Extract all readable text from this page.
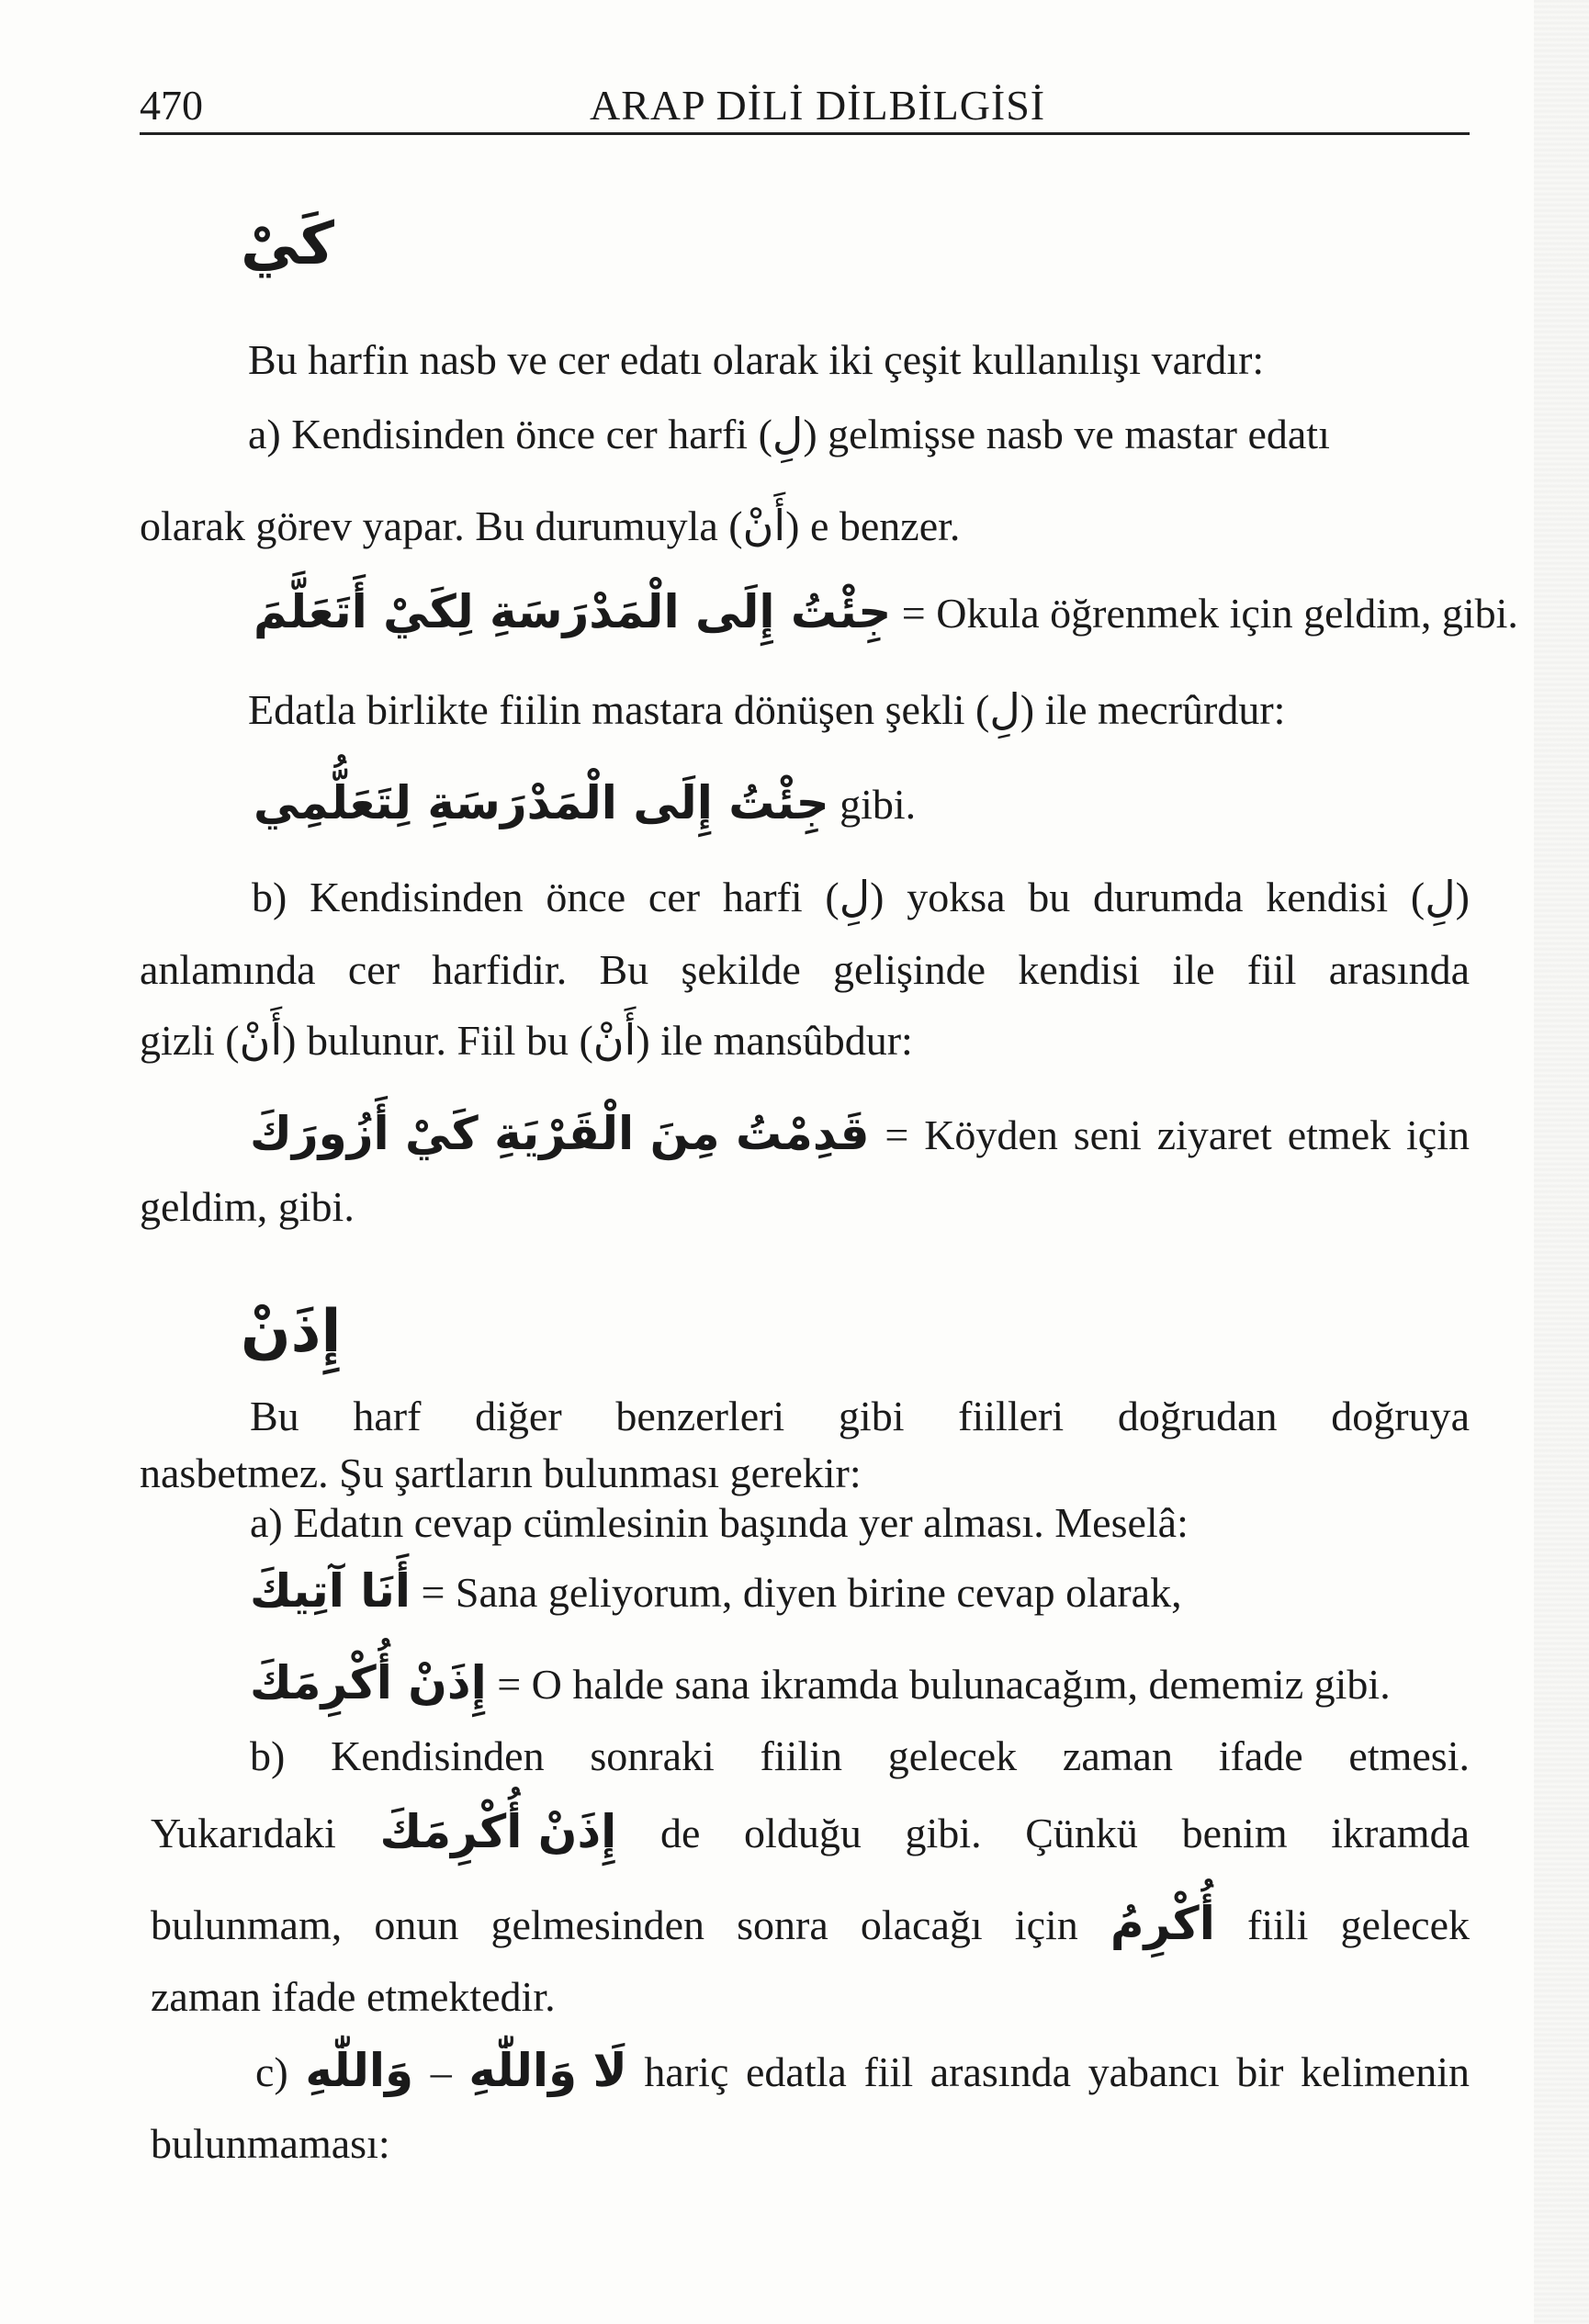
470	ARAP DİLİ DİLBİLGİSİ
كَيْ
Bu harfin nasb ve cer edatı olarak iki çeşit kullanılışı vardır:
a) Kendisinden önce cer harfi (لِ) gelmişse nasb ve mastar edatı
olarak görev yapar. Bu durumuyla (أَنْ) e benzer.
جِئْتُ إِلَى الْمَدْرَسَةِ لِكَيْ أَتَعَلَّمَ = Okula öğrenmek için geldim, gibi.
Edatla birlikte fiilin mastara dönüşen şekli (لِ) ile mecrûrdur:
جِئْتُ إِلَى الْمَدْرَسَةِ لِتَعَلُّمِي gibi.
b) Kendisinden önce cer harfi (لِ) yoksa bu durumda kendisi (لِ)
anlamında cer harfidir. Bu şekilde gelişinde kendisi ile fiil arasında
gizli (أَنْ) bulunur. Fiil bu (أَنْ) ile mansûbdur:
قَدِمْتُ مِنَ الْقَرْيَةِ كَيْ أَزُورَكَ = Köyden seni ziyaret etmek için
geldim, gibi.
إِذَنْ
Bu harf diğer benzerleri gibi fiilleri doğrudan doğruya
nasbetmez. Şu şartların bulunması gerekir:
a) Edatın cevap cümlesinin başında yer alması. Meselâ:
أَنَا آتِيكَ = Sana geliyorum, diyen birine cevap olarak,
إِذَنْ أُكْرِمَكَ = O halde sana ikramda bulunacağım, dememiz gibi.
b) Kendisinden sonraki fiilin gelecek zaman ifade etmesi.
Yukarıdaki إِذَنْ أُكْرِمَكَ de olduğu gibi. Çünkü benim ikramda
bulunmam, onun gelmesinden sonra olacağı için أُكْرِمُ fiili gelecek
zaman ifade etmektedir.
c) وَاللّٰهِ – لَا وَاللّٰهِ hariç edatla fiil arasında yabancı bir kelimenin
bulunmaması:
